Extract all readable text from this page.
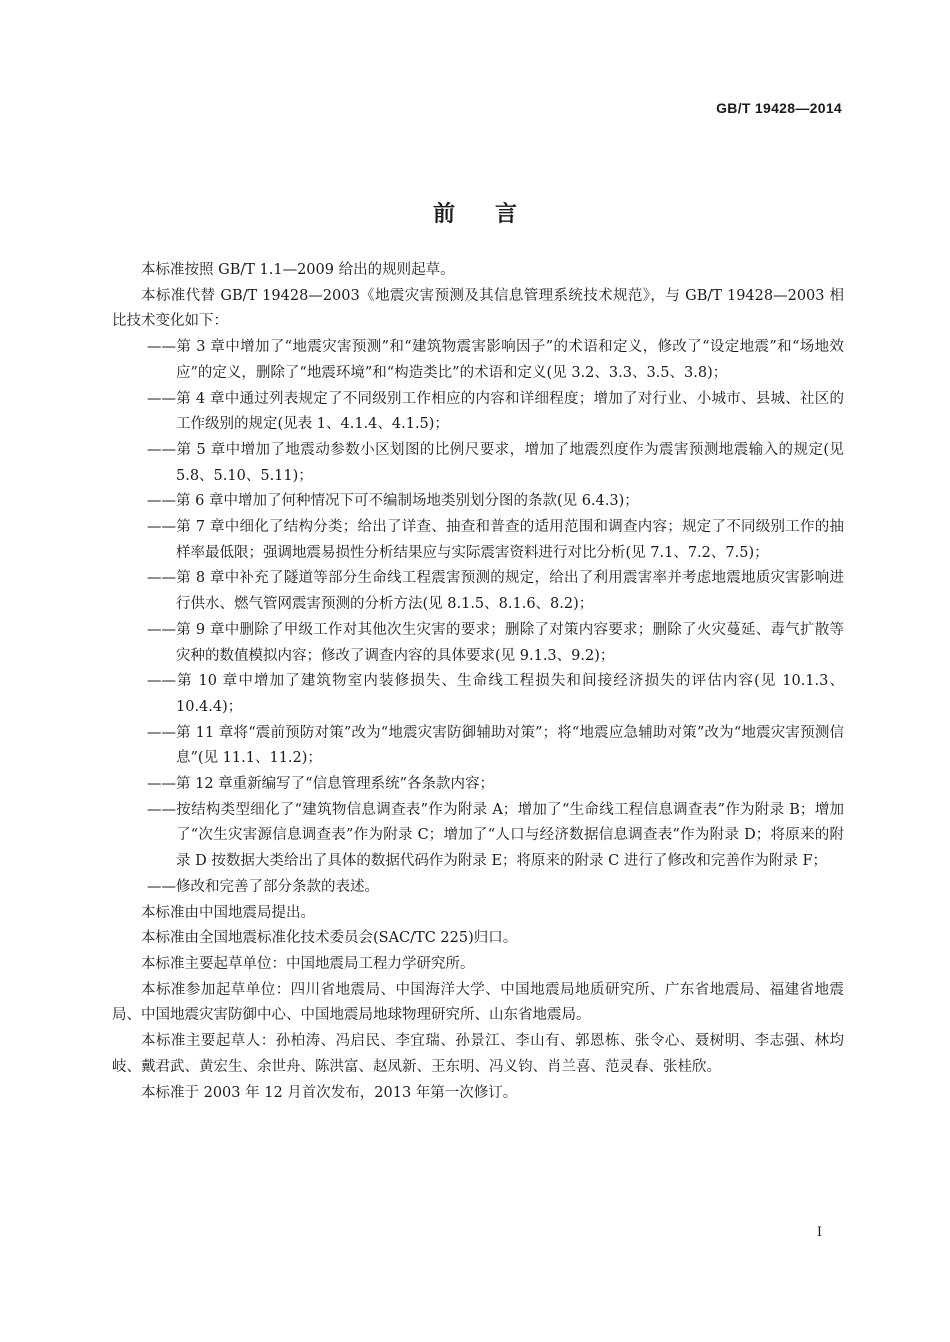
GB/T 19428—2014
前言

本标准按照 GB/T 1.1—2009 给出的规则起草。

本标准代替 GB/T 19428—2003《地震灾害预测及其信息管理系统技术规范》，与 GB/T 19428—2003 相比技术变化如下：

——第 3 章中增加了“地震灾害预测”和“建筑物震害影响因子”的术语和定义，修改了“设定地震”和“场地效应”的定义，删除了“地震环境”和“构造类比”的术语和定义(见 3.2、3.3、3.5、3.8)；

——第 4 章中通过列表规定了不同级别工作相应的内容和详细程度；增加了对行业、小城市、县城、社区的工作级别的规定(见表 1、4.1.4、4.1.5)；

——第 5 章中增加了地震动参数小区划图的比例尺要求，增加了地震烈度作为震害预测地震输入的规定(见 5.8、5.10、5.11)；

——第 6 章中增加了何种情况下可不编制场地类别划分图的条款(见 6.4.3)；

——第 7 章中细化了结构分类；给出了详查、抽查和普查的适用范围和调查内容；规定了不同级别工作的抽样率最低限；强调地震易损性分析结果应与实际震害资料进行对比分析(见 7.1、7.2、7.5)；

——第 8 章中补充了隧道等部分生命线工程震害预测的规定，给出了利用震害率并考虑地震地质灾害影响进行供水、燃气管网震害预测的分析方法(见 8.1.5、8.1.6、8.2)；

——第 9 章中删除了甲级工作对其他次生灾害的要求；删除了对策内容要求；删除了火灾蔓延、毒气扩散等灾种的数值模拟内容；修改了调查内容的具体要求(见 9.1.3、9.2)；

——第 10 章中增加了建筑物室内装修损失、生命线工程损失和间接经济损失的评估内容(见 10.1.3、10.4.4)；

——第 11 章将“震前预防对策”改为“地震灾害防御辅助对策”；将“地震应急辅助对策”改为“地震灾害预测信息”(见 11.1、11.2)；

——第 12 章重新编写了“信息管理系统”各条款内容；

——按结构类型细化了“建筑物信息调查表”作为附录 A；增加了“生命线工程信息调查表”作为附录 B；增加了“次生灾害源信息调查表”作为附录 C；增加了“人口与经济数据信息调查表”作为附录 D；将原来的附录 D 按数据大类给出了具体的数据代码作为附录 E；将原来的附录 C 进行了修改和完善作为附录 F；

——修改和完善了部分条款的表述。

本标准由中国地震局提出。

本标准由全国地震标准化技术委员会(SAC/TC 225)归口。

本标准主要起草单位：中国地震局工程力学研究所。

本标准参加起草单位：四川省地震局、中国海洋大学、中国地震局地质研究所、广东省地震局、福建省地震局、中国地震灾害防御中心、中国地震局地球物理研究所、山东省地震局。

本标准主要起草人：孙柏涛、冯启民、李宜瑞、孙景江、李山有、郭恩栋、张令心、聂树明、李志强、林均岐、戴君武、黄宏生、余世舟、陈洪富、赵凤新、王东明、冯义钧、肖兰喜、范灵春、张桂欣。

本标准于 2003 年 12 月首次发布，2013 年第一次修订。

I
